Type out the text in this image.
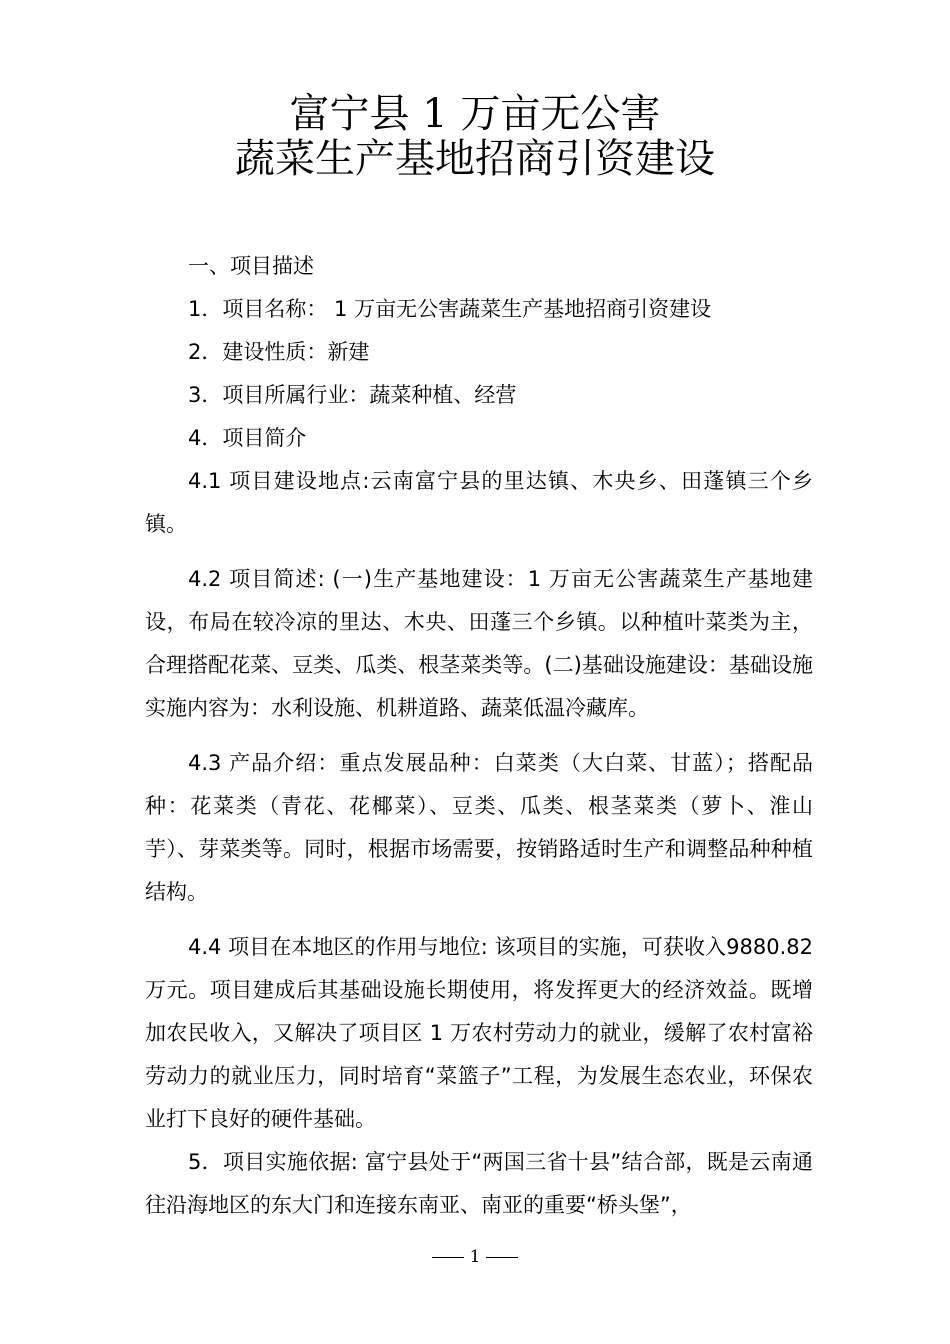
富宁县 1 万亩无公害
蔬菜生产基地招商引资建设

一、项目描述

1．项目名称： 1 万亩无公害蔬菜生产基地招商引资建设

2．建设性质：新建

3．项目所属行业：蔬菜种植、经营

4．项目简介

4.1 项目建设地点:云南富宁县的里达镇、木央乡、田蓬镇三个乡镇。

4.2 项目简述: (一)生产基地建设：1 万亩无公害蔬菜生产基地建设，布局在较冷凉的里达、木央、田蓬三个乡镇。以种植叶菜类为主，合理搭配花菜、豆类、瓜类、根茎菜类等。(二)基础设施建设：基础设施实施内容为：水利设施、机耕道路、蔬菜低温冷藏库。

4.3 产品介绍：重点发展品种：白菜类（大白菜、甘蓝）；搭配品种：花菜类（青花、花椰菜）、豆类、瓜类、根茎菜类（萝卜、淮山芋）、芽菜类等。同时，根据市场需要，按销路适时生产和调整品种种植结构。

4.4 项目在本地区的作用与地位: 该项目的实施，可获收入9880.82 万元。项目建成后其基础设施长期使用，将发挥更大的经济效益。既增加农民收入，又解决了项目区 1 万农村劳动力的就业，缓解了农村富裕劳动力的就业压力，同时培育“菜篮子”工程，为发展生态农业，环保农业打下良好的硬件基础。

5．项目实施依据: 富宁县处于“两国三省十县”结合部，既是云南通往沿海地区的东大门和连接东南亚、南亚的重要“桥头堡”，

1
